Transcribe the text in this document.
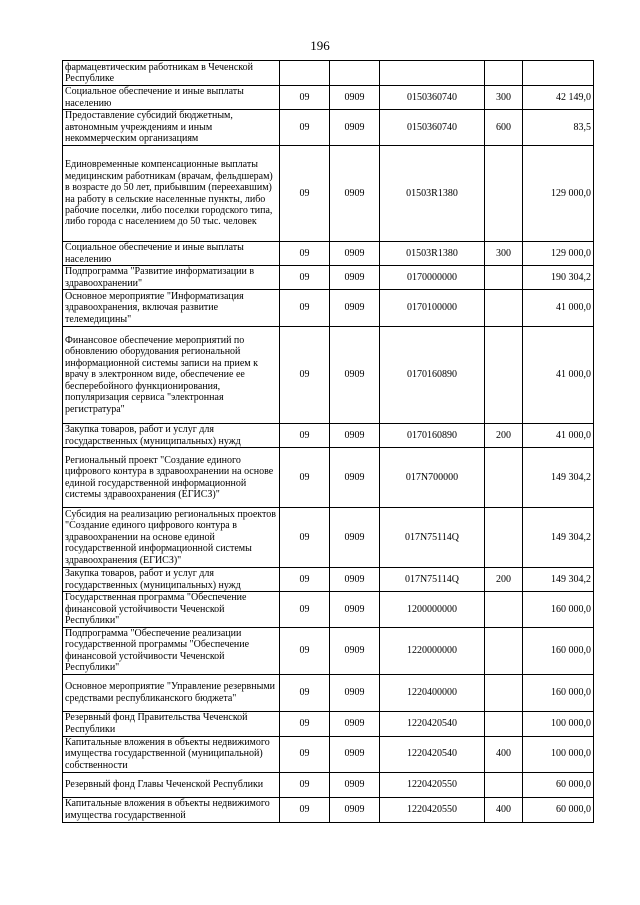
196
фармацевтическим работникам в Чеченской Республике					
Социальное обеспечение и иные выплаты населению	09	0909	0150360740	300	42 149,0
Предоставление субсидий бюджетным, автономным учреждениям и иным некоммерческим организациям	09	0909	0150360740	600	83,5
Единовременные компенсационные выплаты медицинским работникам (врачам, фельдшерам) в возрасте до 50 лет, прибывшим (переехавшим) на работу в сельские населенные пункты, либо рабочие поселки, либо поселки городского типа, либо города с населением до 50 тыс. человек	09	0909	01503R1380		129 000,0
Социальное обеспечение и иные выплаты населению	09	0909	01503R1380	300	129 000,0
Подпрограмма "Развитие информатизации в здравоохранении"	09	0909	0170000000		190 304,2
Основное мероприятие "Информатизация здравоохранения, включая развитие телемедицины"	09	0909	0170100000		41 000,0
Финансовое обеспечение мероприятий по обновлению оборудования региональной информационной системы записи на прием к врачу в электронном виде, обеспечение ее бесперебойного функционирования, популяризация сервиса "электронная регистратура"	09	0909	0170160890		41 000,0
Закупка товаров, работ и услуг для государственных (муниципальных) нужд	09	0909	0170160890	200	41 000,0
Региональный проект "Создание единого цифрового контура в здравоохранении на основе единой государственной информационной системы здравоохранения (ЕГИСЗ)"	09	0909	017N700000		149 304,2
Субсидия на реализацию региональных проектов "Создание единого цифрового контура в здравоохранении на основе единой государственной информационной системы здравоохранения (ЕГИСЗ)"	09	0909	017N75114Q		149 304,2
Закупка товаров, работ и услуг для государственных (муниципальных) нужд	09	0909	017N75114Q	200	149 304,2
Государственная программа "Обеспечение финансовой устойчивости Чеченской Республики"	09	0909	1200000000		160 000,0
Подпрограмма "Обеспечение реализации государственной программы "Обеспечение финансовой устойчивости Чеченской Республики"	09	0909	1220000000		160 000,0
Основное мероприятие "Управление резервными средствами республиканского бюджета"	09	0909	1220400000		160 000,0
Резервный фонд Правительства Чеченской Республики	09	0909	1220420540		100 000,0
Капитальные вложения в объекты недвижимого имущества государственной (муниципальной) собственности	09	0909	1220420540	400	100 000,0
Резервный фонд Главы Чеченской Республики	09	0909	1220420550		60 000,0
Капитальные вложения в объекты недвижимого имущества государственной	09	0909	1220420550	400	60 000,0
